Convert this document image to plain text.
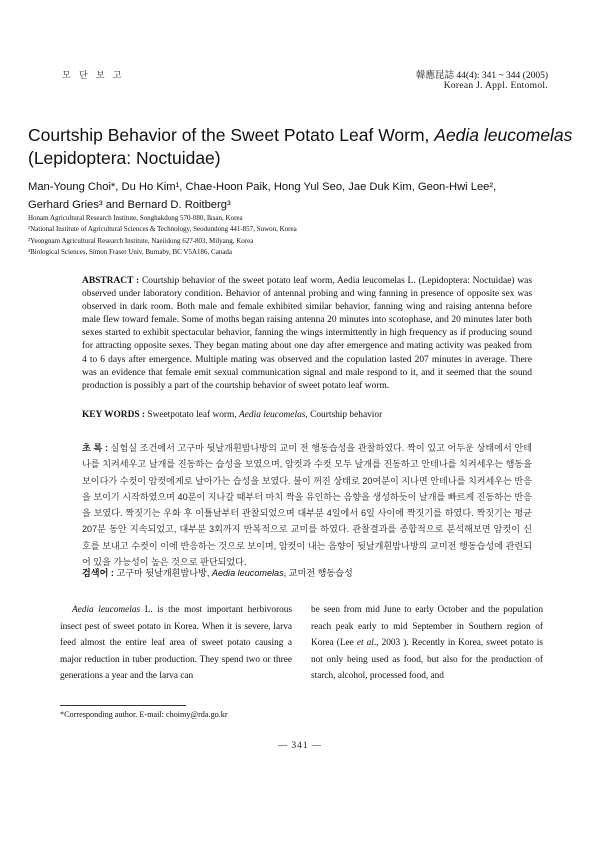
모 단 보 고	韓應昆誌 44(4): 341 ~ 344 (2005)
Korean J. Appl. Entomol.
Courtship Behavior of the Sweet Potato Leaf Worm, Aedia leucomelas
(Lepidoptera: Noctuidae)
Man-Young Choi*, Du Ho Kim¹, Chae-Hoon Paik, Hong Yul Seo, Jae Duk Kim, Geon-Hwi Lee²,
Gerhard Gries³ and Bernard D. Roitberg³
Honam Agricultural Research Institute, Songhakdong 570-080, Iksan, Korea
¹National Institute of Agricultural Sciences & Technology, Seodundong 441-857, Suwon, Korea
²Yeongnam Agricultural Research Institute, Naeiidong 627-803, Milyang, Korea
³Biological Sciences, Simon Fraser Univ. Burnaby, BC V5A186, Canada
ABSTRACT : Courtship behavior of the sweet potato leaf worm, Aedia leucomelas L. (Lepidoptera: Noctuidae) was observed under laboratory condition. Behavior of antennal probing and wing fanning in presence of opposite sex was observed in dark room. Both male and female exhibited similar behavior, fanning wing and raising antenna before male flew toward female. Some of moths began raising antenna 20 minutes into scotophase, and 20 minutes later both sexes started to exhibit spectacular behavior, fanning the wings intermittently in high frequency as if producing sound for attracting opposite sexes. They began mating about one day after emergence and mating activity was peaked from 4 to 6 days after emergence. Multiple mating was observed and the copulation lasted 207 minutes in average. There was an evidence that female emit sexual communication signal and male respond to it, and it seemed that the sound production is possibly a part of the courtship behavior of sweet potato leaf worm.
KEY WORDS : Sweetpotato leaf worm, Aedia leucomelas, Courtship behavior
초 록 : 실험실 조건에서 고구마 뒷날개흰밤나방의 교미 전 행동습성을 관찰하였다. 짝이 있고 어두운 상태에서 안테나를 치켜세우고 날개를 진동하는 습성을 보였으며, 암컷과 수컷 모두 날개를 진동하고 안테나를 치켜세우는 행동을 보이다가 수컷이 암컷에게로 날아가는 습성을 보였다. 불이 꺼진 상태로 20여분이 지나면 안테나를 치켜세우는 반응을 보이기 시작하였으며 40분이 지나갈 때부터 마치 짝을 유인하는 음향을 생성하듯이 날개를 빠르게 진동하는 반응을 보였다. 짝짓기는 우화 후 이틀날부터 관찰되었으며 대부분 4일에서 6일 사이에 짝짓기를 하였다. 짝짓기는 평균 207분 동안 지속되었고, 대부분 3회까지 반복적으로 교미를 하였다. 관찰결과를 종합적으로 분석해보면 암컷이 신호를 보내고 수컷이 이에 반응하는 것으로 보이며, 암컷이 내는 음향이 뒷날개흰밤나방의 교미전 행동습성에 관련되어 있을 가능성이 높은 것으로 판단되었다.
검색어 : 고구마 뒷날개흰밤나방, Aedia leucomelas, 교미전 행동습성
Aedia leucomelas L. is the most important herbivorous insect pest of sweet potato in Korea. When it is severe, larva feed almost the entire leaf area of sweet potato causing a major reduction in tuber production. They spend two or three generations a year and the larva can
be seen from mid June to early October and the population reach peak early to mid September in Southern region of Korea (Lee et al., 2003 ). Recently in Korea, sweet potato is not only being used as food, but also for the production of starch, alcohol, processed food, and
*Corresponding author. E-mail: choimy@rda.go.kr
— 341 —
